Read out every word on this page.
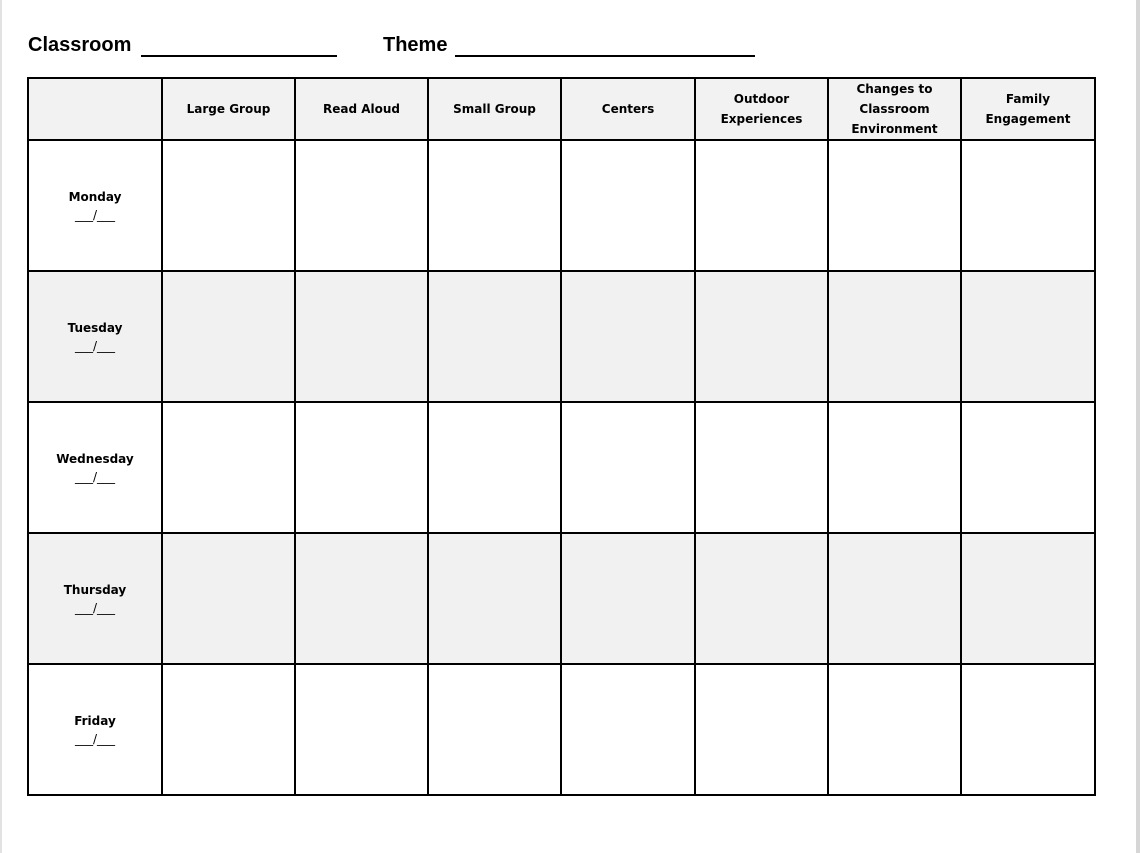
Classroom	Theme
	Large Group	Read Aloud	Small Group	Centers	Outdoor Experiences	Changes to Classroom Environment	Family Engagement

Monday
___/___							

Tuesday
___/___							

Wednesday
___/___							

Thursday
___/___							

Friday
___/___							
